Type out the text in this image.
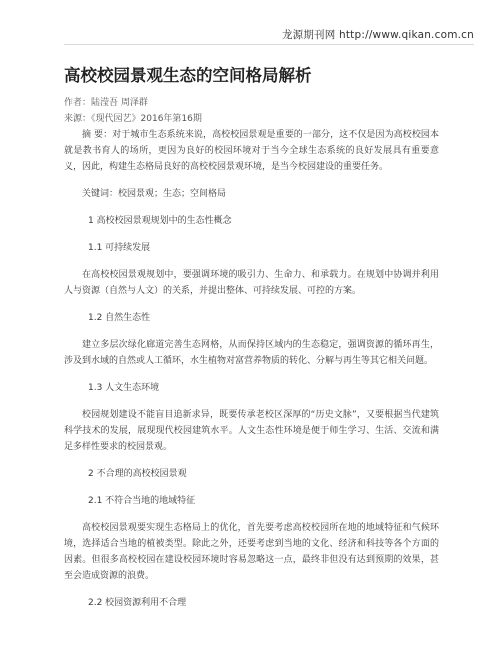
龙源期刊网 http://www.qikan.com.cn
高校校园景观生态的空间格局解析
作者：陆滢吾 周泽群
来源：《现代园艺》2016年第16期

摘 要：对于城市生态系统来说，高校校园景观是重要的一部分，这不仅是因为高校校园本就是教书育人的场所，更因为良好的校园环境对于当今全球生态系统的良好发展具有重要意义，因此，构建生态格局良好的高校校园景观环境，是当今校园建设的重要任务。

关键词：校园景观；生态；空间格局

1 高校校园景观规划中的生态性概念

1.1 可持续发展

在高校校园景观规划中，要强调环境的吸引力、生命力、和承载力。在规划中协调并利用人与资源（自然与人文）的关系，并提出整体、可持续发展、可控的方案。

1.2 自然生态性

建立多层次绿化廊道完善生态网格，从而保持区域内的生态稳定，强调资源的循环再生，涉及到水域的自然或人工循环，水生植物对富营养物质的转化、分解与再生等其它相关问题。

1.3 人文生态环境

校园规划建设不能盲目追新求异，既要传承老校区深厚的“历史文脉”，又要根据当代建筑科学技术的发展，展现现代校园建筑水平。人文生态性环境是便于师生学习、生活、交流和满足多样性要求的校园景观。

2 不合理的高校校园景观

2.1 不符合当地的地域特征

高校校园景观要实现生态格局上的优化，首先要考虑高校校园所在地的地域特征和气候环境，选择适合当地的植被类型。除此之外，还要考虑到当地的文化、经济和科技等各个方面的因素。但很多高校校园在建设校园环境时容易忽略这一点，最终非但没有达到预期的效果，甚至会造成资源的浪费。

2.2 校园资源利用不合理
